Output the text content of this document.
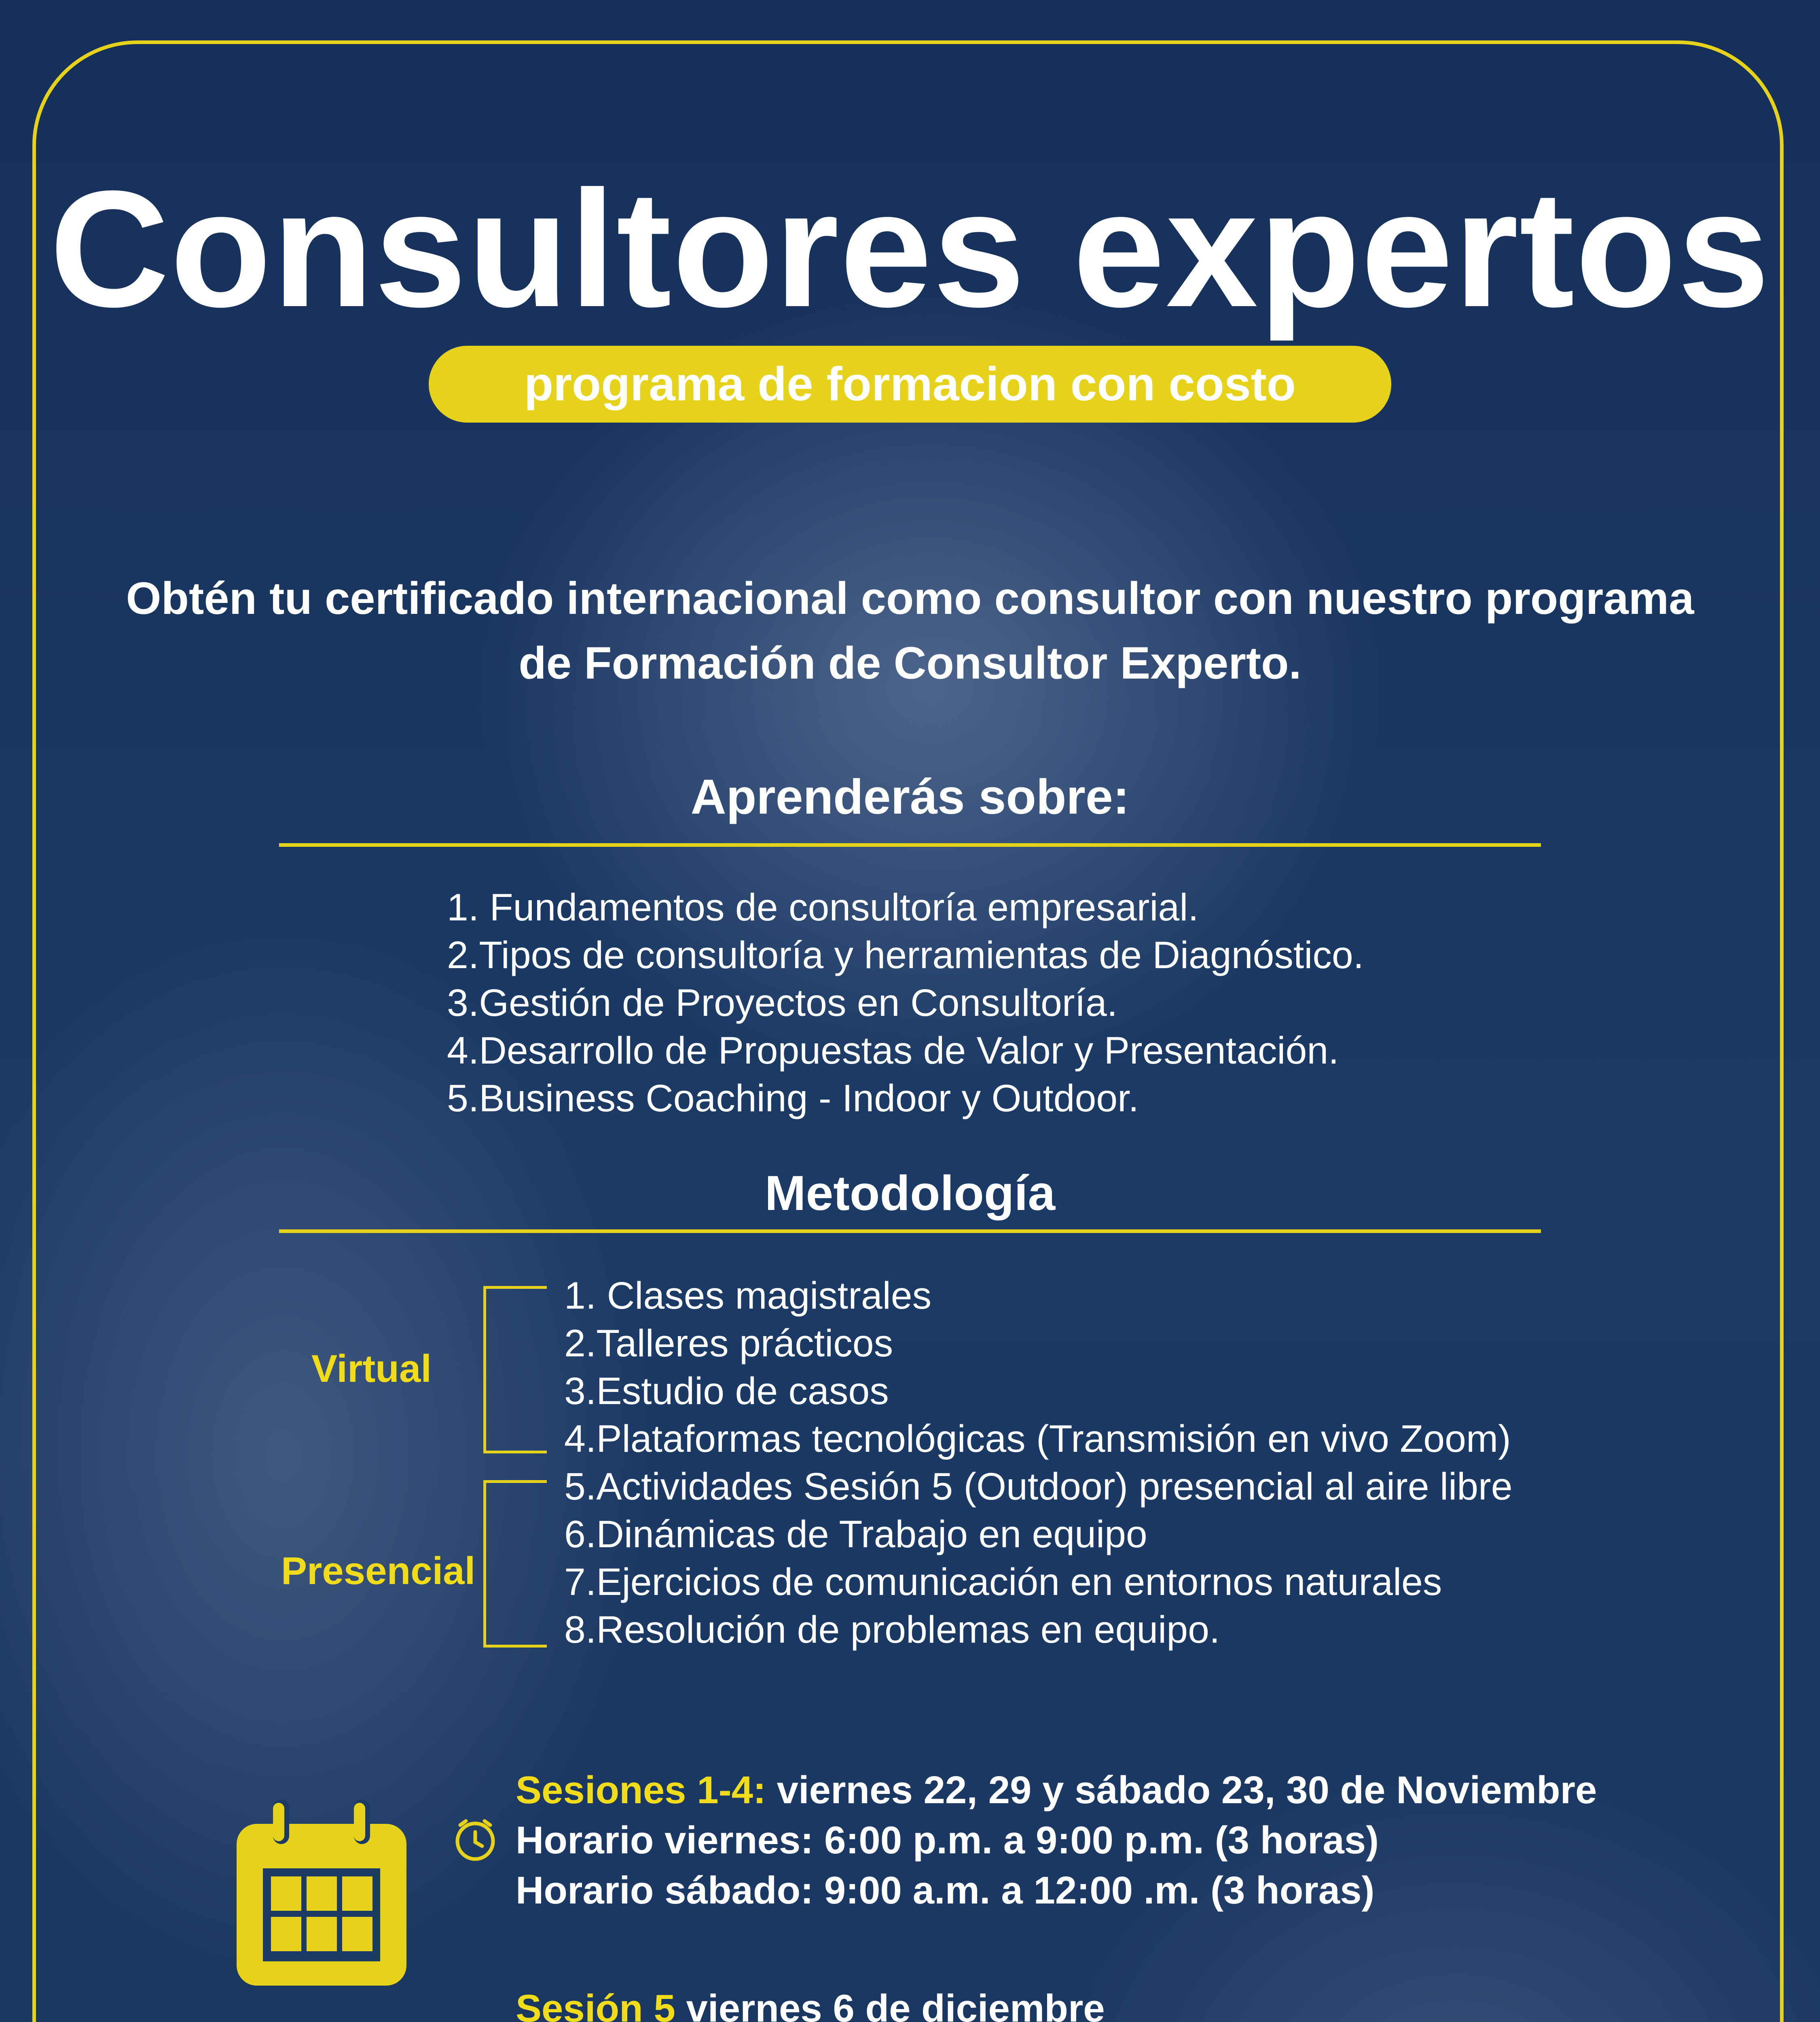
Consultores expertos
programa de formacion con costo
Obtén tu certificado internacional como consultor con nuestro programa de Formación de Consultor Experto.
Aprenderás sobre:
1. Fundamentos de consultoría empresarial.
2.Tipos de consultoría y herramientas de Diagnóstico.
3.Gestión de Proyectos en Consultoría.
4.Desarrollo de Propuestas de Valor y Presentación.
5.Business Coaching - Indoor y Outdoor.
Metodología
Virtual
Presencial
1. Clases magistrales
2.Talleres prácticos
3.Estudio de casos
4.Plataformas tecnológicas (Transmisión en vivo Zoom)
5.Actividades Sesión 5 (Outdoor) presencial al aire libre
6.Dinámicas de Trabajo en equipo
7.Ejercicios de comunicación en entornos naturales
8.Resolución de problemas en equipo.
Sesiones 1-4: viernes 22, 29 y sábado 23, 30 de Noviembre
Horario viernes: 6:00 p.m. a 9:00 p.m. (3 horas)
Horario sábado: 9:00 a.m. a 12:00 .m. (3 horas)
Sesión 5 viernes 6 de diciembre
